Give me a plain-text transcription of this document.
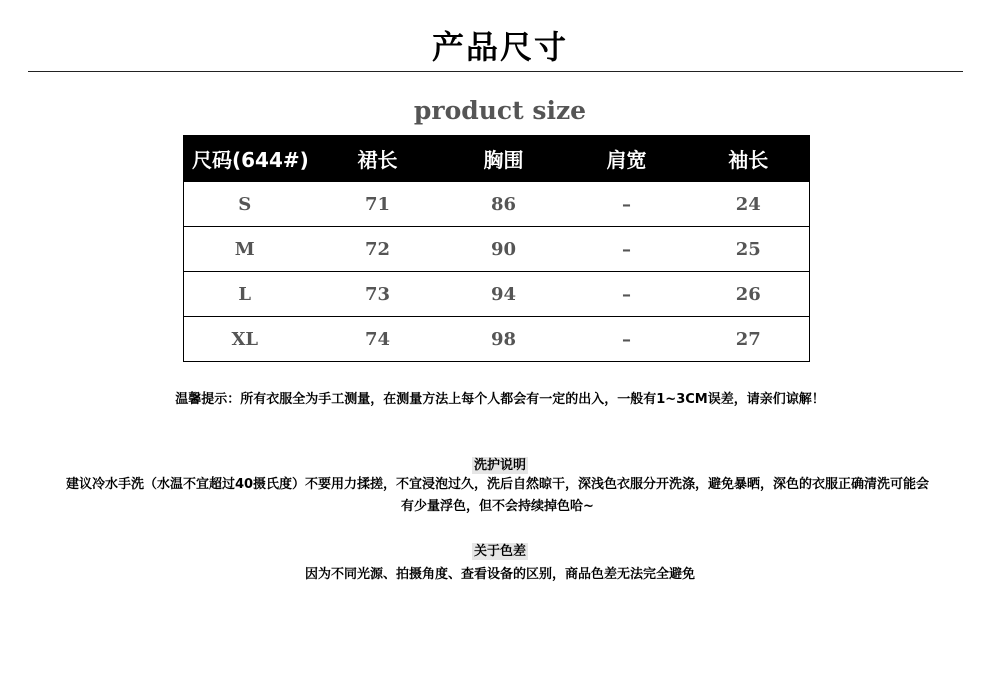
产品尺寸
product size
尺码(644#)	裙长	胸围	肩宽	袖长
S	71	86	–	24
M	72	90	–	25
L	73	94	–	26
XL	74	98	–	27
温馨提示：所有衣服全为手工测量，在测量方法上每个人都会有一定的出入，一般有1~3CM误差，请亲们谅解！
洗护说明
建议冷水手洗（水温不宜超过40摄氏度）不要用力揉搓，不宜浸泡过久，洗后自然晾干，深浅色衣服分开洗涤，避免暴晒，深色的衣服正确清洗可能会
有少量浮色，但不会持续掉色哈~
关于色差
因为不同光源、拍摄角度、查看设备的区别，商品色差无法完全避免
